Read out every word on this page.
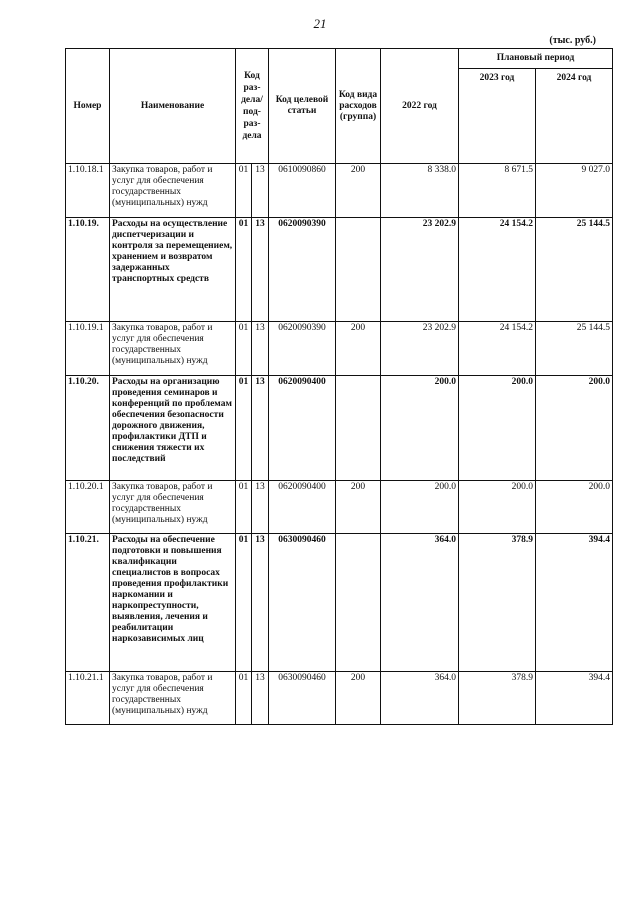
21
(тыс. руб.)
Номер	Наименование	Код раз-дела/ под-раз-дела		Код целевой статьи	Код вида расходов (группа)	2022 год	Плановый период	
							2023 год	2024 год
1.10.18.1	Закупка товаров, работ и услуг для обеспечения государственных (муниципальных) нужд	01	13	0610090860	200	8 338.0	8 671.5	9 027.0
1.10.19.	Расходы на осуществление диспетчеризации и контроля за перемещением, хранением и возвратом задержанных транспортных средств	01	13	0620090390		23 202.9	24 154.2	25 144.5
1.10.19.1	Закупка товаров, работ и услуг для обеспечения государственных (муниципальных) нужд	01	13	0620090390	200	23 202.9	24 154.2	25 144.5
1.10.20.	Расходы на организацию проведения семинаров и конференций по проблемам обеспечения безопасности дорожного движения, профилактики ДТП и снижения тяжести их последствий	01	13	0620090400		200.0	200.0	200.0
1.10.20.1	Закупка товаров, работ и услуг для обеспечения государственных (муниципальных) нужд	01	13	0620090400	200	200.0	200.0	200.0
1.10.21.	Расходы на обеспечение подготовки и повышения квалификации специалистов в вопросах проведения профилактики наркомании и наркопреступности, выявления, лечения и реабилитации наркозависимых лиц	01	13	0630090460		364.0	378.9	394.4
1.10.21.1	Закупка товаров, работ и услуг для обеспечения государственных (муниципальных) нужд	01	13	0630090460	200	364.0	378.9	394.4
